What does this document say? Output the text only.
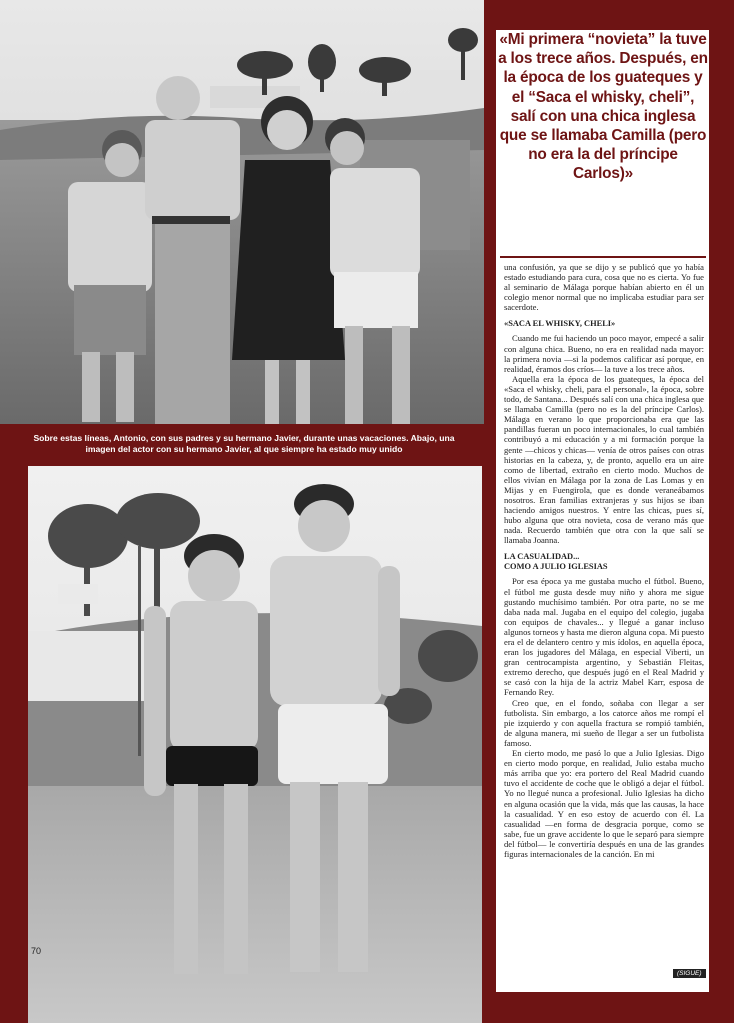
Sobre estas líneas, Antonio, con sus padres y su hermano Javier, durante unas vacaciones. Abajo, una imagen del actor con su hermano Javier, al que siempre ha estado muy unido
70
«Mi primera “novieta” la tuve a los trece años. Después, en la época de los guateques y el “Saca el whisky, cheli”, salí con una chica inglesa que se llamaba Camilla (pero no era la del príncipe Carlos)»

una confusión, ya que se dijo y se publicó que yo había estado estudiando para cura, cosa que no es cierta. Yo fue al seminario de Málaga porque habían abierto en él un colegio menor normal que no implicaba estudiar para ser sacerdote.

«SACA EL WHISKY, CHELI»

Cuando me fui haciendo un poco mayor, empecé a salir con alguna chica. Bueno, no era en realidad nada mayor: la primera novia —si la podemos calificar así porque, en realidad, éramos dos críos— la tuve a los trece años.

Aquella era la época de los guateques, la época del «Saca el whisky, cheli, para el personal», la época, sobre todo, de Santana... Después salí con una chica inglesa que se llamaba Camilla (pero no es la del príncipe Carlos). Málaga en verano lo que proporcionaba era que las pandillas fueran un poco internacionales, lo cual también contribuyó a mi educación y a mi formación porque la gente —chicos y chicas— venía de otros países con otras historias en la cabeza, y, de pronto, aquello era un aire como de libertad, extraño en cierto modo. Muchos de ellos vivían en Málaga por la zona de Las Lomas y en Mijas y en Fuengirola, que es donde veraneábamos nosotros. Eran familias extranjeras y sus hijos se iban haciendo amigos nuestros. Y entre las chicas, pues sí, hubo alguna que otra novieta, cosa de verano más que nada. Recuerdo también que otra con la que salí se llamaba Joanna.

LA CASUALIDAD...
COMO A JULIO IGLESIAS

Por esa época ya me gustaba mucho el fútbol. Bueno, el fútbol me gusta desde muy niño y ahora me sigue gustando muchísimo también. Por otra parte, no se me daba nada mal. Jugaba en el equipo del colegio, jugaba con equipos de chavales... y llegué a ganar incluso algunos torneos y hasta me dieron alguna copa. Mi puesto era el de delantero centro y mis ídolos, en aquella época, eran los jugadores del Málaga, en especial Viberti, un gran centrocampista argentino, y Sebastián Fleitas, extremo derecho, que después jugó en el Real Madrid y se casó con la hija de la actriz Mabel Karr, esposa de Fernando Rey.

Creo que, en el fondo, soñaba con llegar a ser futbolista. Sin embargo, a los catorce años me rompí el pie izquierdo y con aquella fractura se rompió también, de alguna manera, mi sueño de llegar a ser un futbolista famoso.

En cierto modo, me pasó lo que a Julio Iglesias. Digo en cierto modo porque, en realidad, Julio estaba mucho más arriba que yo: era portero del Real Madrid cuando tuvo el accidente de coche que le obligó a dejar el fútbol. Yo no llegué nunca a profesional. Julio Iglesias ha dicho en alguna ocasión que la vida, más que las causas, la hace la casualidad. Y en eso estoy de acuerdo con él. La casualidad —en forma de desgracia porque, como se sabe, fue un grave accidente lo que le separó para siempre del fútbol— le convertiría después en una de las grandes figuras internacionales de la canción. En mi

(SIGUE)
